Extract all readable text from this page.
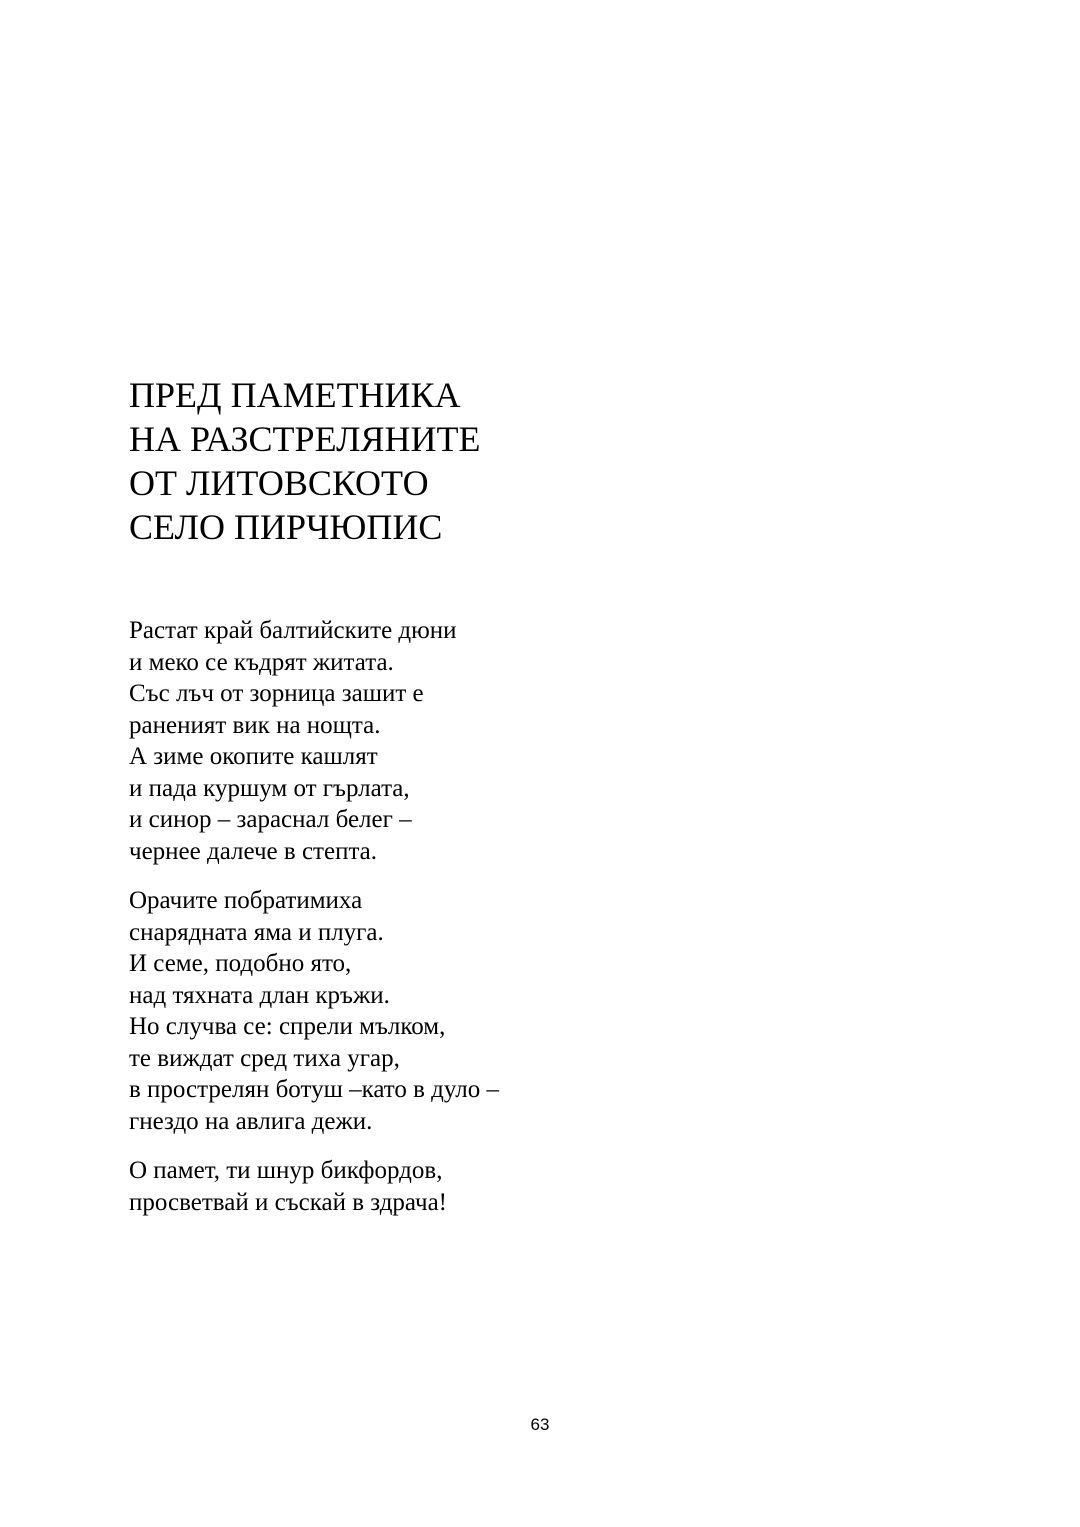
ПРЕД ПАМЕТНИКА
НА РАЗСТРЕЛЯНИТЕ
ОТ ЛИТОВСКОТО
СЕЛО ПИРЧЮПИС
Растат край балтийските дюни
и меко се къдрят житата.
Със лъч от зорница зашит е
раненият вик на нощта.
А зиме окопите кашлят
и пада куршум от гърлата,
и синор – зараснал белег –
чернее далече в степта.
Орачите побратимиха
снарядната яма и плуга.
И семе, подобно ято,
над тяхната длан кръжи.
Но случва се: спрели мълком,
те виждат сред тиха угар,
в прострелян ботуш –като в дуло –
гнездо на авлига дежи.
О памет, ти шнур бикфордов,
просветвай и съскай в здрача!
63
